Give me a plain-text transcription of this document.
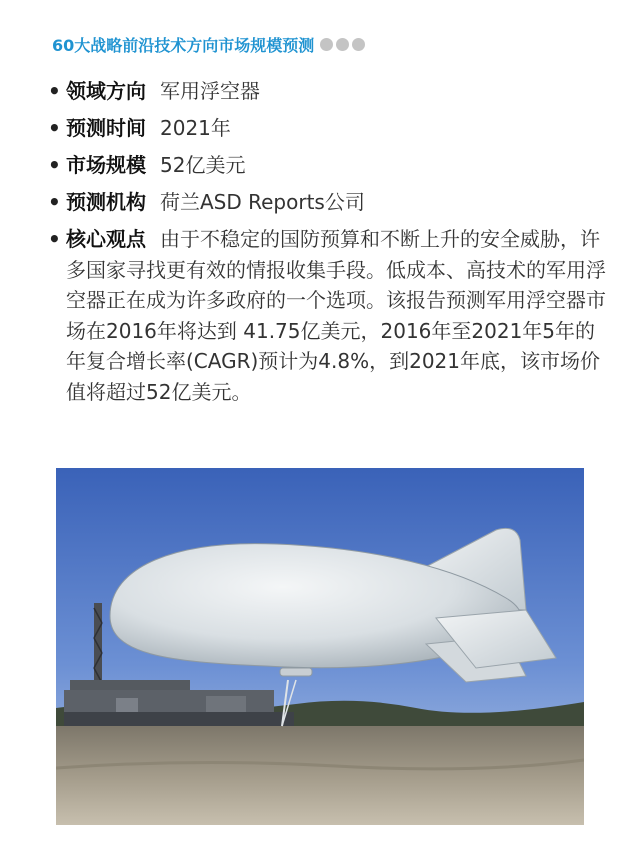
60大战略前沿技术方向市场规模预测
• 领域方向 军用浮空器
• 预测时间 2021年
• 市场规模 52亿美元
• 预测机构 荷兰ASD Reports公司
• 核心观点 由于不稳定的国防预算和不断上升的安全威胁，许多国家寻找更有效的情报收集手段。低成本、高技术的军用浮空器正在成为许多政府的一个选项。该报告预测军用浮空器市场在2016年将达到 41.75亿美元，2016年至2021年5年的年复合增长率(CAGR)预计为4.8%，到2021年底，该市场价值将超过52亿美元。
